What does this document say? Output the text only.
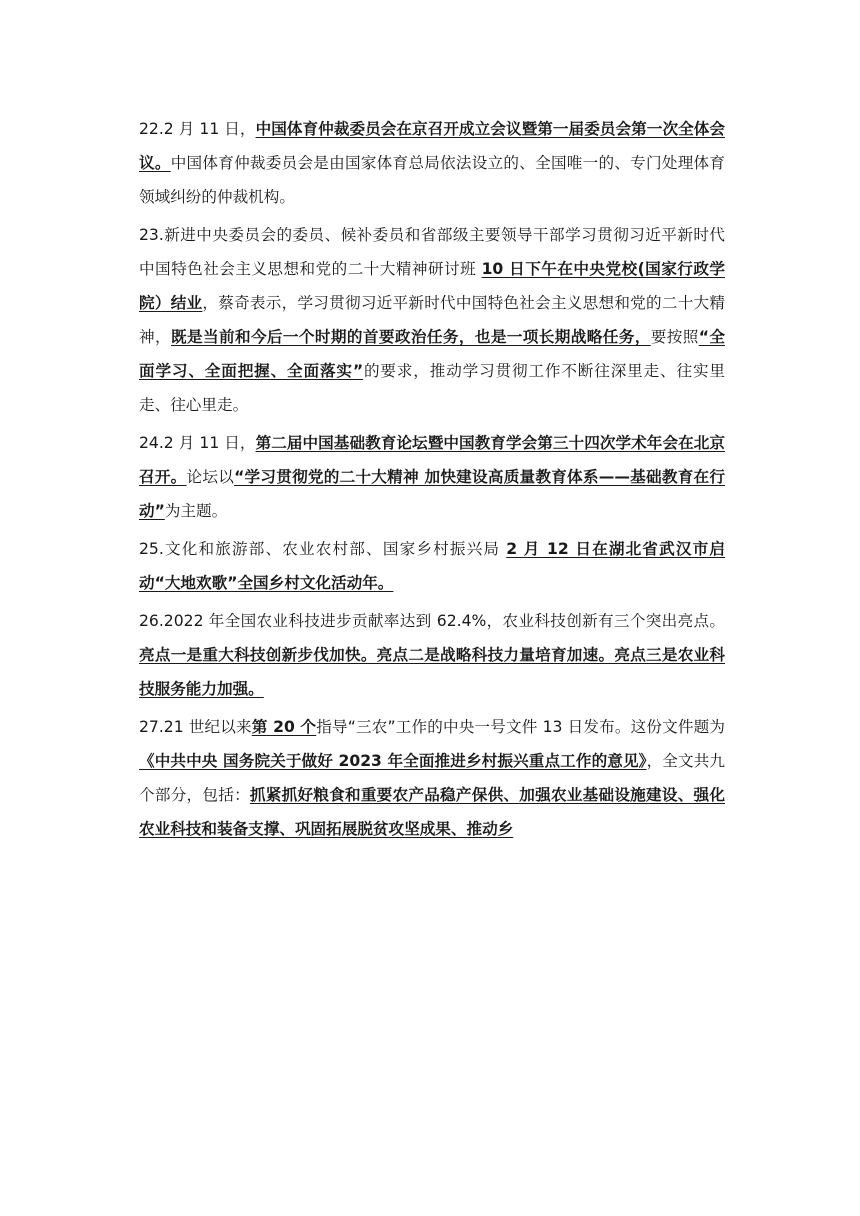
22.2 月 11 日，中国体育仲裁委员会在京召开成立会议暨第一届委员会第一次全体会议。中国体育仲裁委员会是由国家体育总局依法设立的、全国唯一的、专门处理体育领域纠纷的仲裁机构。

23.新进中央委员会的委员、候补委员和省部级主要领导干部学习贯彻习近平新时代中国特色社会主义思想和党的二十大精神研讨班 10 日下午在中央党校(国家行政学院）结业，蔡奇表示，学习贯彻习近平新时代中国特色社会主义思想和党的二十大精神，既是当前和今后一个时期的首要政治任务，也是一项长期战略任务，要按照“全面学习、全面把握、全面落实”的要求，推动学习贯彻工作不断往深里走、往实里走、往心里走。

24.2 月 11 日，第二届中国基础教育论坛暨中国教育学会第三十四次学术年会在北京召开。论坛以“学习贯彻党的二十大精神 加快建设高质量教育体系——基础教育在行动”为主题。

25.文化和旅游部、农业农村部、国家乡村振兴局 2 月 12 日在湖北省武汉市启动“大地欢歌”全国乡村文化活动年。

26.2022 年全国农业科技进步贡献率达到 62.4%，农业科技创新有三个突出亮点。亮点一是重大科技创新步伐加快。亮点二是战略科技力量培育加速。亮点三是农业科技服务能力加强。

27.21 世纪以来第 20 个指导“三农”工作的中央一号文件 13 日发布。这份文件题为《中共中央 国务院关于做好 2023 年全面推进乡村振兴重点工作的意见》，全文共九个部分，包括：抓紧抓好粮食和重要农产品稳产保供、加强农业基础设施建设、强化农业科技和装备支撑、巩固拓展脱贫攻坚成果、推动乡
